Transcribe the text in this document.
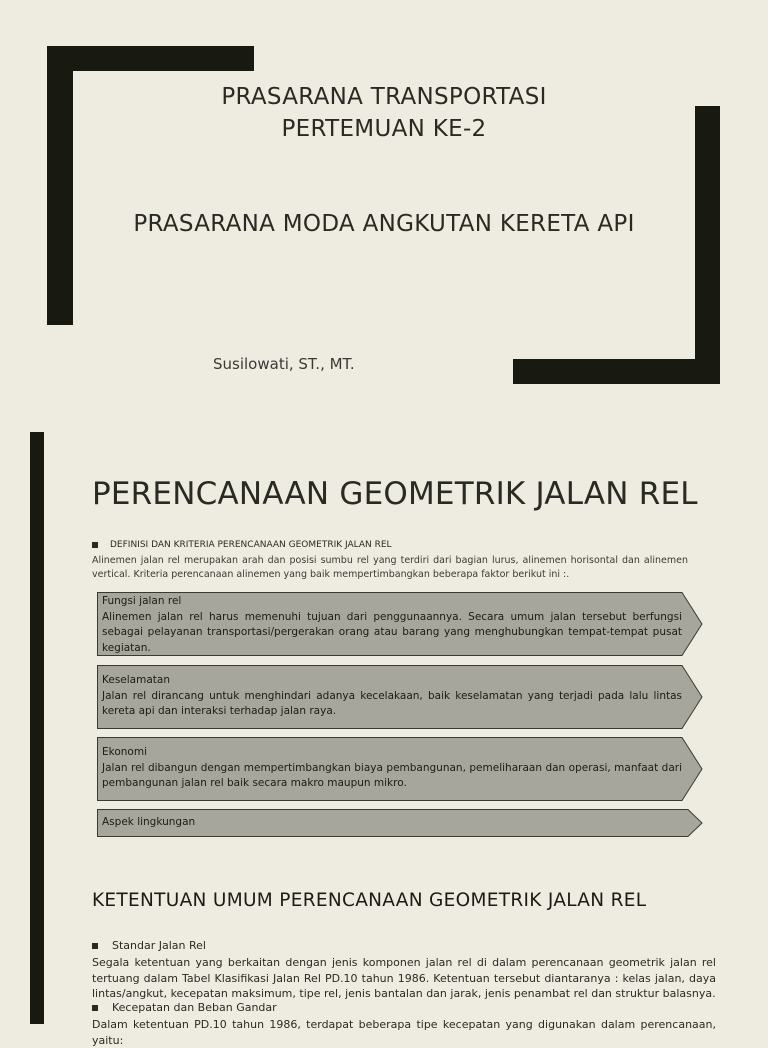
PRASARANA TRANSPORTASI
PERTEMUAN KE-2
PRASARANA MODA ANGKUTAN KERETA API
Susilowati, ST., MT.
PERENCANAAN GEOMETRIK JALAN REL
DEFINISI DAN KRITERIA PERENCANAAN GEOMETRIK JALAN REL
Alinemen jalan rel merupakan arah dan posisi sumbu rel yang terdiri dari bagian lurus, alinemen horisontal dan alinemen vertical. Kriteria perencanaan alinemen yang baik mempertimbangkan beberapa faktor berikut ini :.
Fungsi jalan rel
Alinemen jalan rel harus memenuhi tujuan dari penggunaannya. Secara umum jalan tersebut berfungsi sebagai pelayanan transportasi/pergerakan orang atau barang yang menghubungkan tempat-tempat pusat kegiatan.
Keselamatan
Jalan rel dirancang untuk menghindari adanya kecelakaan, baik keselamatan yang terjadi pada lalu lintas kereta api dan interaksi terhadap jalan raya.
Ekonomi
Jalan rel dibangun dengan mempertimbangkan biaya pembangunan, pemeliharaan dan operasi, manfaat dari pembangunan jalan rel baik secara makro maupun mikro.
Aspek lingkungan
KETENTUAN UMUM PERENCANAAN GEOMETRIK JALAN REL
Standar Jalan Rel
Segala ketentuan yang berkaitan dengan jenis komponen jalan rel di dalam perencanaan geometrik jalan rel tertuang dalam Tabel Klasifikasi Jalan Rel PD.10 tahun 1986. Ketentuan tersebut diantaranya : kelas jalan, daya lintas/angkut, kecepatan maksimum, tipe rel, jenis bantalan dan jarak, jenis penambat rel dan struktur balasnya.
Kecepatan dan Beban Gandar
Dalam ketentuan PD.10 tahun 1986, terdapat beberapa tipe kecepatan yang digunakan dalam perencanaan, yaitu:
